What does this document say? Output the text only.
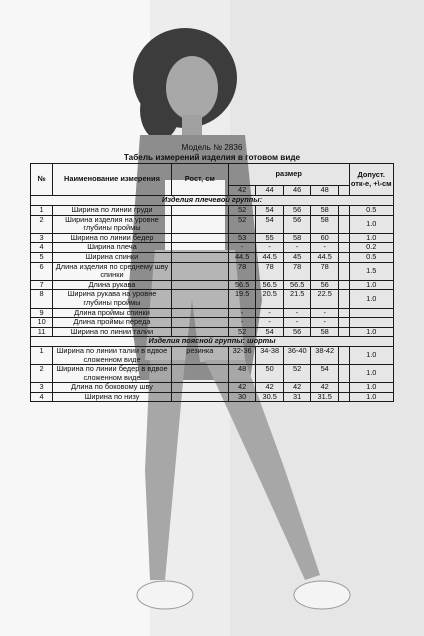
Модель № 2836
Табель измерений изделия в готовом виде
№	Наименование измерения	Рост, см	размер					Допуст. отк-е, +\-см
			42	44	46	48		
Изделия плечевой группы:								
1	Ширина по линии груди		52	54	56	58		0.5
2	Ширина изделия на уровне глубины проймы		52	54	56	58		1.0
3	Ширина по линии бедер		53	55	58	60		1.0
4	Ширина плеча		-	-	-	-		0.2
5	Ширина спинки		44.5	44.5	45	44.5		0.5
6	Длина изделия по среднему шву спинки		78	78	78	78		1.5
7	Длина рукава		56.5	56.5	56.5	56		1.0
8	Ширина рукава на уровне глубины проймы		19.5	20.5	21.5	22.5		1.0
9	Длина проймы спинки		-	-	-	-		
10	Длина проймы переда		-	-	-	-		
11	Ширина по линии талии		52	54	56	58		1.0
Изделия поясной группы: шорты								
1	Ширина по линии талии в вдвое сложенном виде	резинка	32-36	34-38	36-40	38-42		1.0
2	Ширина по линии бедер в вдвое сложенном виде		48	50	52	54		1.0
3	Длина по боковому шву		42	42	42	42		1.0
4	Ширина по низу		30	30.5	31	31.5		1.0
